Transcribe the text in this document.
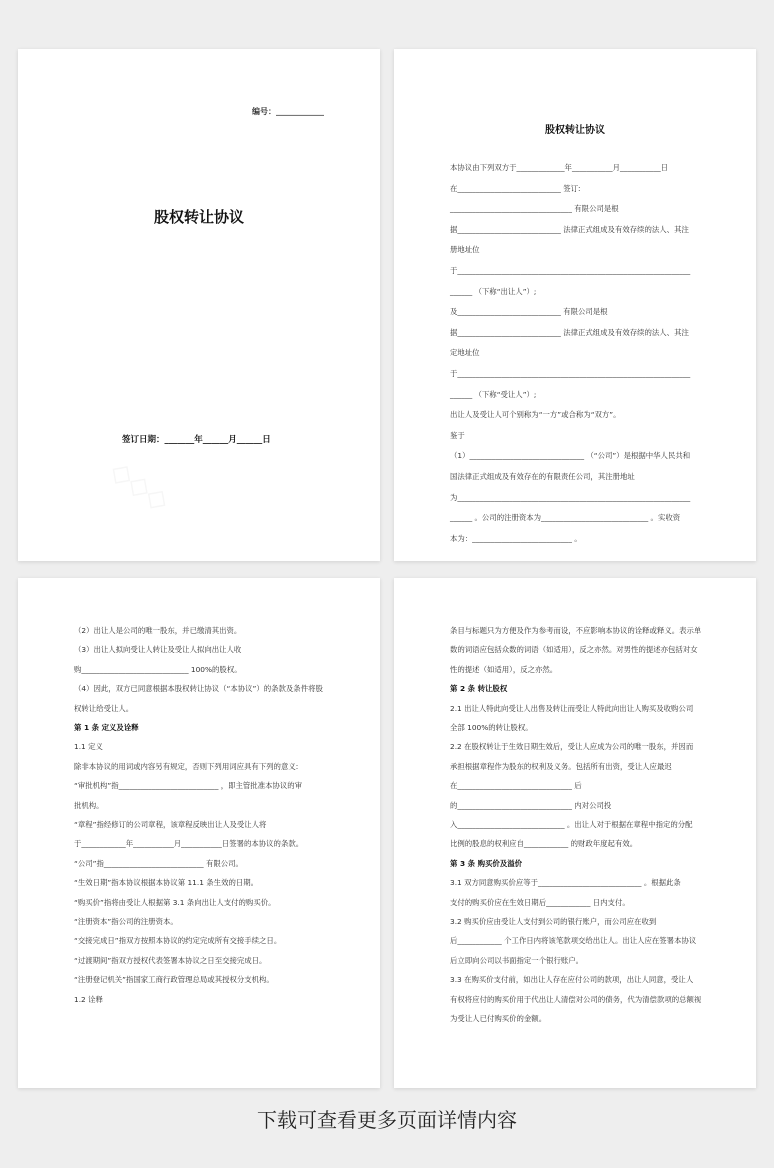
编号：____________
股权转让协议
签订日期：_______年______月______日
股权转让协议
本协议由下列双方于_____________年___________月___________日
在____________________________ 签订:
_________________________________ 有限公司是根
据____________________________ 法律正式组成及有效存续的法人、其注
册地址位
于_______________________________________________________________
______ （下称“出让人”）;
及____________________________ 有限公司是根
据____________________________ 法律正式组成及有效存续的法人、其注
定地址位
于_______________________________________________________________
______ （下称“受让人”）;
出让人及受让人可个别称为“一方”或合称为“双方”。
鉴于
（1）_______________________________ （“公司”）是根据中华人民共和
国法律正式组成及有效存在的有限责任公司，其注册地址
为_______________________________________________________________
______ 。公司的注册资本为_____________________________ 。实收资
本为：___________________________ 。
（2）出让人是公司的唯一股东，并已缴清其出资。
（3）出让人拟向受让人转让及受让人拟向出让人收
购_____________________________ 100%的股权。
（4）因此，双方已同意根据本股权转让协议（“本协议”）的条款及条件将股
权转让给受让人。
第 1 条 定义及诠释
1.1 定义
除非本协议的用词或内容另有规定，否则下列用词应具有下列的意义:
“审批机构”指___________________________ ，即主管批准本协议的审
批机构。
“章程”指经修订的公司章程，该章程反映出让人及受让人将
于____________年___________月___________日签署的本协议的条款。
“公司”指___________________________ 有限公司。
“生效日期”指本协议根据本协议第 11.1 条生效的日期。
“购买价”指将由受让人根据第 3.1 条向出让人支付的购买价。
“注册资本”指公司的注册资本。
“交接完成日”指双方按照本协议的约定完成所有交接手续之日。
“过渡期间”指双方授权代表签署本协议之日至交接完成日。
“注册登记机关”指国家工商行政管理总局或其授权分支机构。
1.2 诠释
条目与标题只为方便及作为参考而设，不应影响本协议的诠释或释义。表示单
数的词语应包括众数的词语（如适用），反之亦然。对男性的提述亦包括对女
性的提述（如适用），反之亦然。
第 2 条 转让股权
2.1 出让人特此向受让人出售及转让而受让人特此向出让人购买及收购公司
全部 100%的转让股权。
2.2 在股权转让于生效日期生效后，受让人应成为公司的唯一股东，并因而
承担根据章程作为股东的权利及义务。包括所有出资，受让人应最迟
在_______________________________ 后
的_______________________________ 内对公司投
入_____________________________ 。出让人对于根据在章程中指定的分配
比例的股息的权利应自____________ 的财政年度起有效。
第 3 条 购买价及溢价
3.1 双方同意购买价应等于____________________________ 。根据此条
支付的购买价应在生效日期后____________ 日内支付。
3.2 购买价应由受让人支付到公司的银行账户，而公司应在收到
后____________ 个工作日内将该笔款项交给出让人。出让人应在签署本协议
后立即向公司以书面指定一个银行账户。
3.3 在购买价支付前，如出让人存在应付公司的款项，出让人同意，受让人
有权将应付的购买价用于代出让人清偿对公司的债务，代为清偿款项的总额视
为受让人已付购买价的金额。
下载可查看更多页面详情内容
